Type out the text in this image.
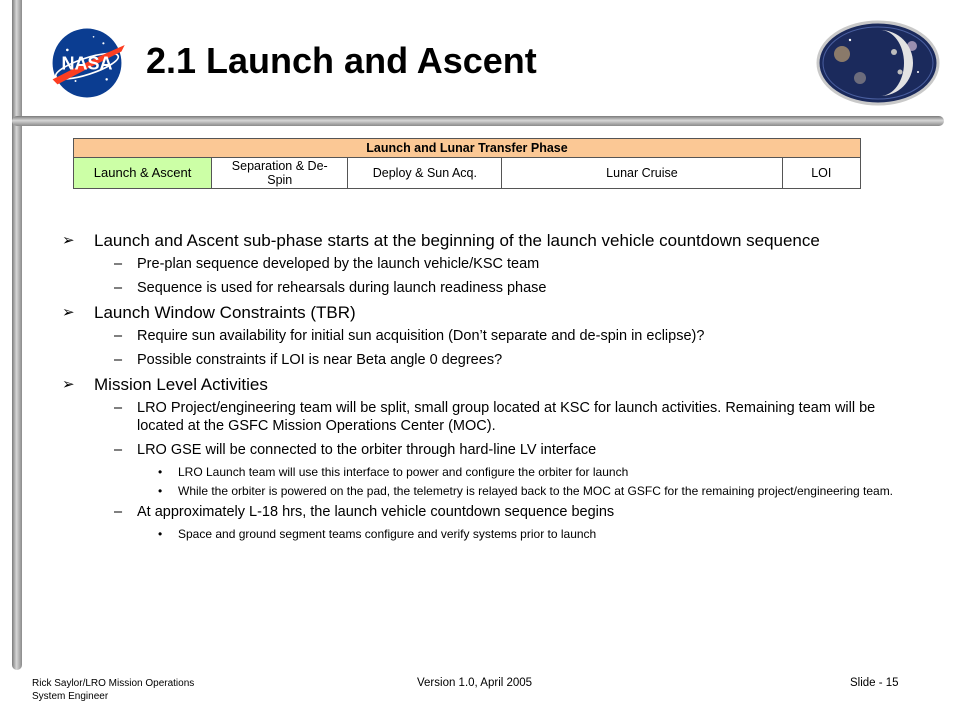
NASA 2.1 Launch and Ascent
Launch and Lunar Transfer Phase
Launch & Ascent	Separation & De-Spin	Deploy & Sun Acq.	Lunar Cruise	LOI
➢ Launch and Ascent sub-phase starts at the beginning of the launch vehicle countdown sequence
– Pre-plan sequence developed by the launch vehicle/KSC team
– Sequence is used for rehearsals during launch readiness phase
➢ Launch Window Constraints (TBR)
– Require sun availability for initial sun acquisition (Don’t separate and de-spin in eclipse)?
– Possible constraints if LOI is near Beta angle 0 degrees?
➢ Mission Level Activities
– LRO Project/engineering team will be split, small group located at KSC for launch activities. Remaining team will be located at the GSFC Mission Operations Center (MOC).
– LRO GSE will be connected to the orbiter through hard-line LV interface
• LRO Launch team will use this interface to power and configure the orbiter for launch
• While the orbiter is powered on the pad, the telemetry is relayed back to the MOC at GSFC for the remaining project/engineering team.
– At approximately L-18 hrs, the launch vehicle countdown sequence begins
• Space and ground segment teams configure and verify systems prior to launch
Rick Saylor/LRO Mission Operations
System Engineer
Version 1.0, April 2005	Slide - 15
